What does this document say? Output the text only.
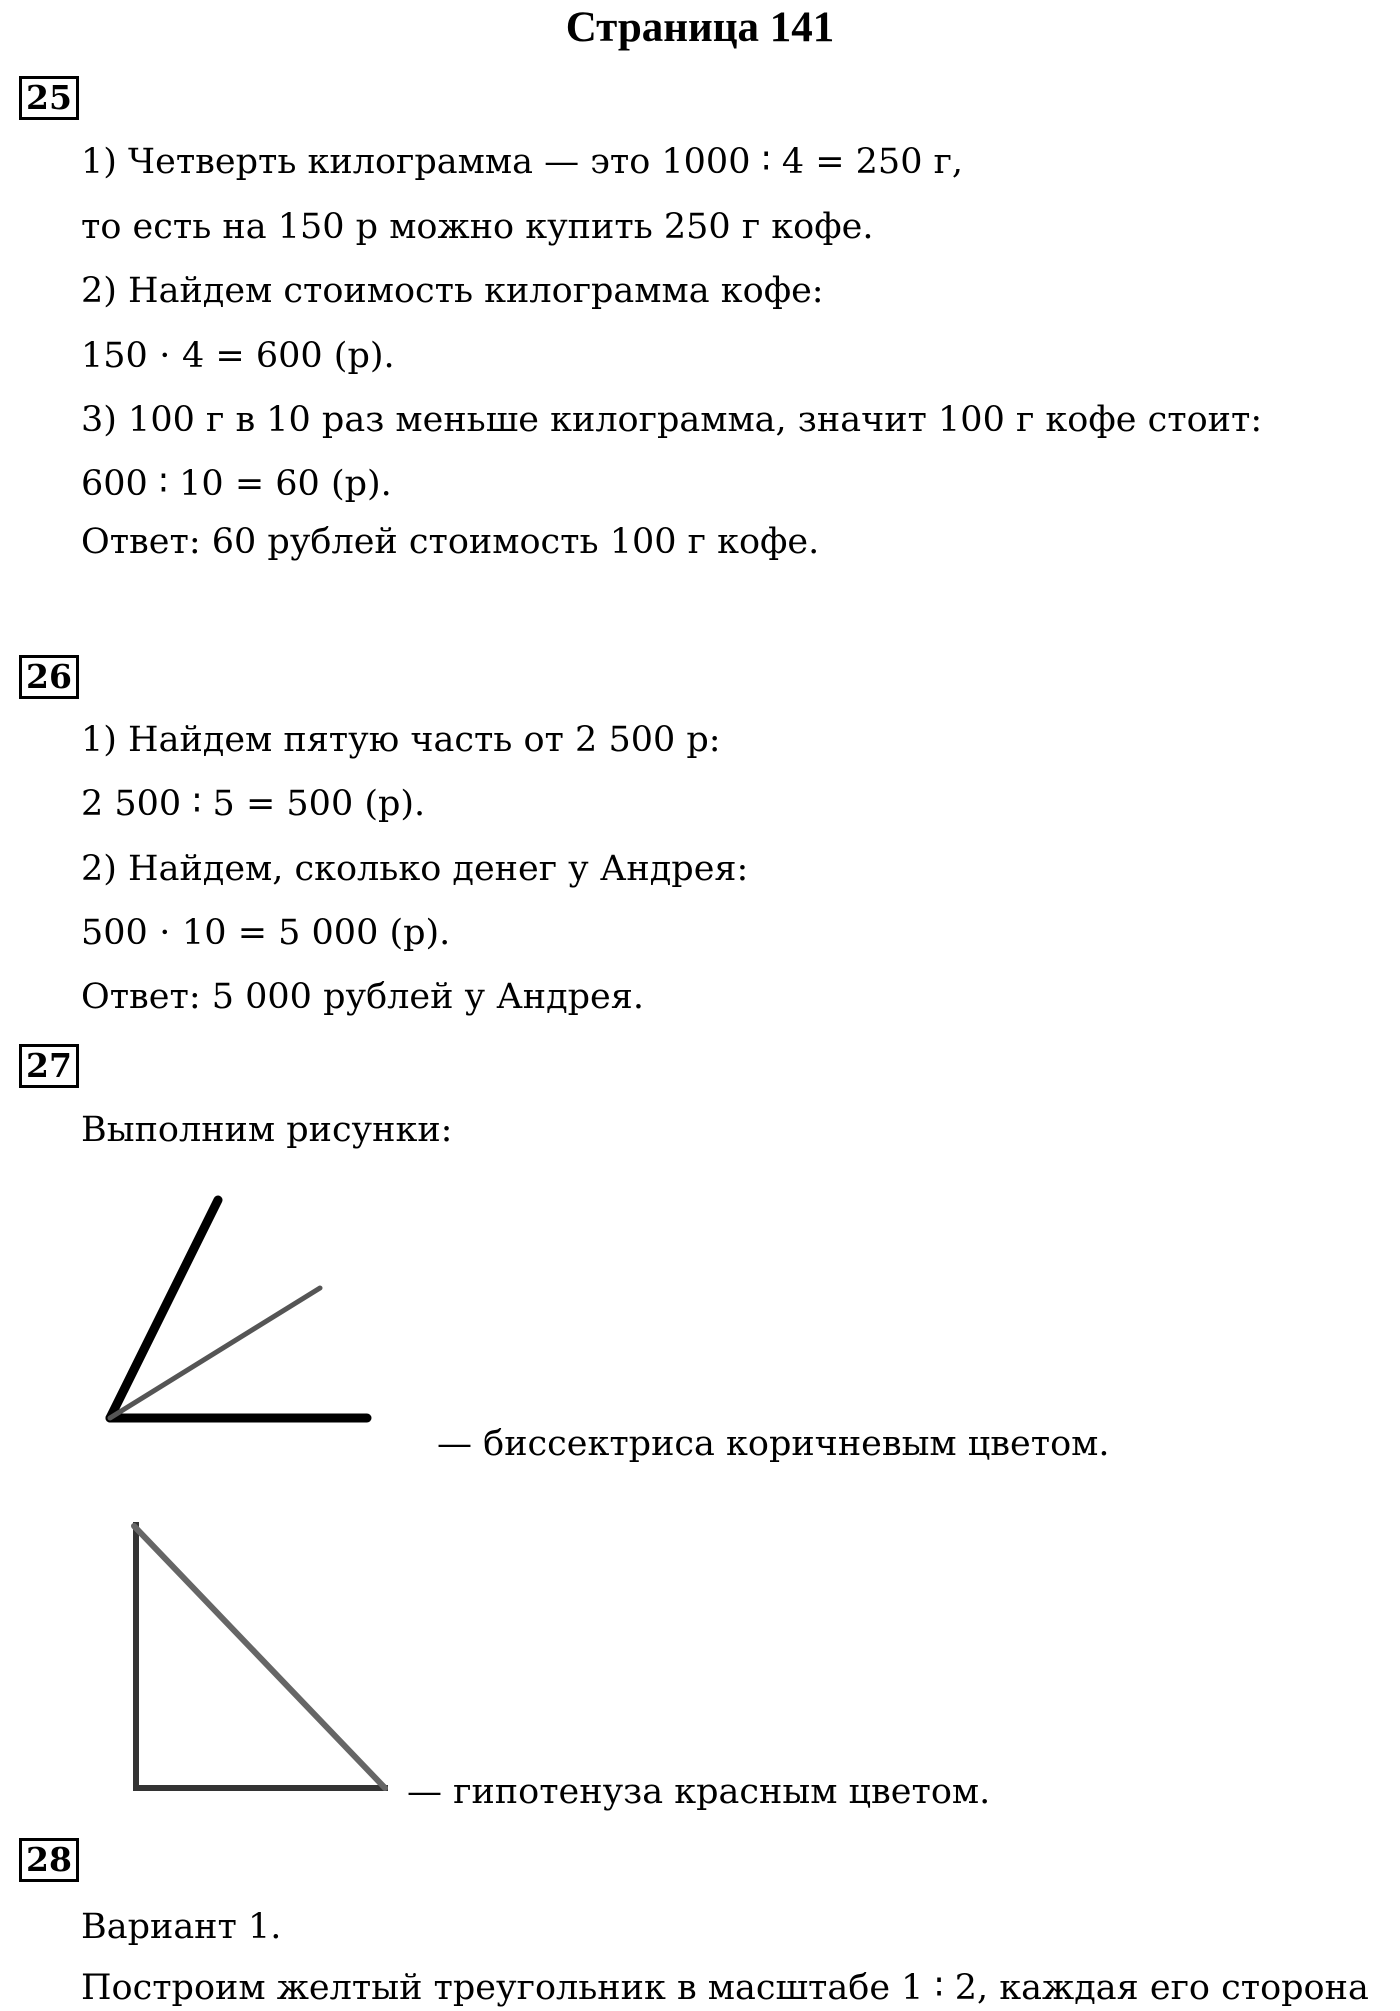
Страница 141
25
1) Четверть килограмма — это 1000 ∶ 4 = 250 г,
то есть на 150 р можно купить 250 г кофе.
2) Найдем стоимость килограмма кофе:
150 ⋅ 4 = 600 (р).
3) 100 г в 10 раз меньше килограмма, значит 100 г кофе стоит:
600 ∶ 10 = 60 (р).
Ответ: 60 рублей стоимость 100 г кофе.
26
1) Найдем пятую часть от 2 500 р:
2 500 ∶ 5 = 500 (р).
2) Найдем, сколько денег у Андрея:
500 ⋅ 10 = 5 000 (р).
Ответ: 5 000 рублей у Андрея.
27
Выполним рисунки:
— биссектриса коричневым цветом.
— гипотенуза красным цветом.
28
Вариант 1.
Построим желтый треугольник в масштабе 1 ∶ 2, каждая его сторона
